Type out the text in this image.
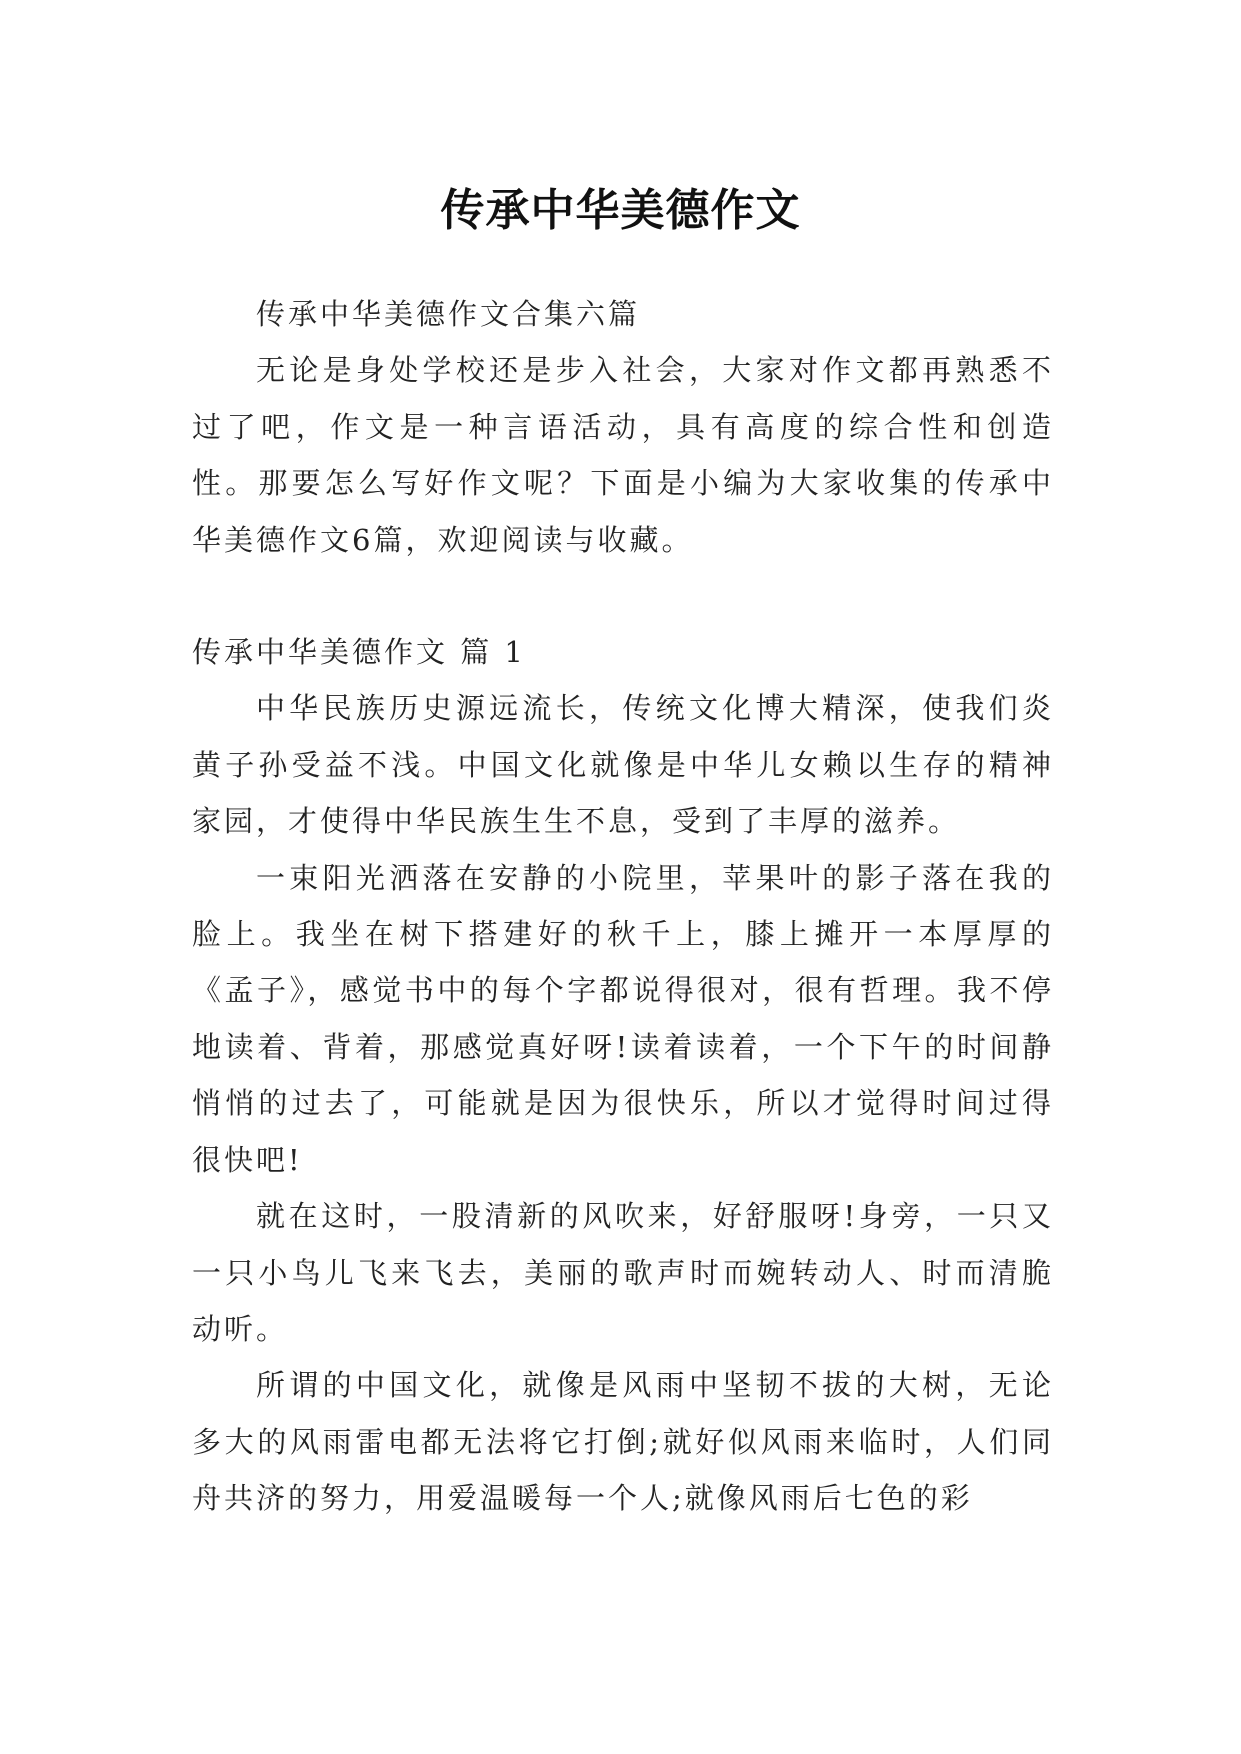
传承中华美德作文

传承中华美德作文合集六篇

无论是身处学校还是步入社会，大家对作文都再熟悉不过了吧，作文是一种言语活动，具有高度的综合性和创造性。那要怎么写好作文呢？下面是小编为大家收集的传承中华美德作文6篇，欢迎阅读与收藏。

传承中华美德作文 篇 1

中华民族历史源远流长，传统文化博大精深，使我们炎黄子孙受益不浅。中国文化就像是中华儿女赖以生存的精神家园，才使得中华民族生生不息，受到了丰厚的滋养。

一束阳光洒落在安静的小院里，苹果叶的影子落在我的脸上。我坐在树下搭建好的秋千上，膝上摊开一本厚厚的《孟子》，感觉书中的每个字都说得很对，很有哲理。我不停地读着、背着，那感觉真好呀!读着读着，一个下午的时间静悄悄的过去了，可能就是因为很快乐，所以才觉得时间过得很快吧!

就在这时，一股清新的风吹来，好舒服呀!身旁，一只又一只小鸟儿飞来飞去，美丽的歌声时而婉转动人、时而清脆动听。

所谓的中国文化，就像是风雨中坚韧不拔的大树，无论多大的风雨雷电都无法将它打倒;就好似风雨来临时，人们同舟共济的努力，用爱温暖每一个人;就像风雨后七色的彩
